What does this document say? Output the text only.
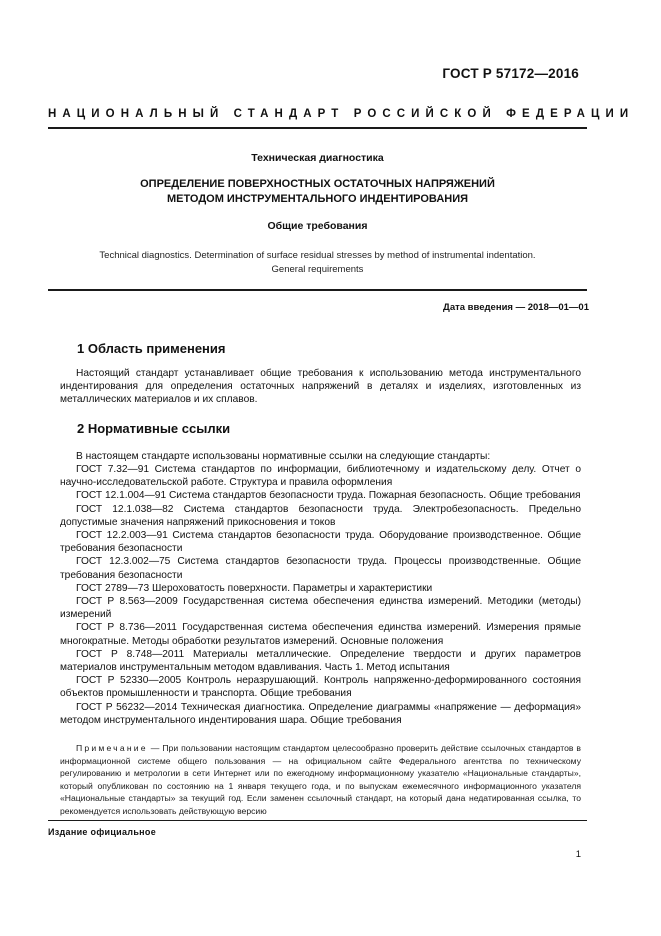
ГОСТ Р 57172—2016
НАЦИОНАЛЬНЫЙ СТАНДАРТ РОССИЙСКОЙ ФЕДЕРАЦИИ
Техническая диагностика
ОПРЕДЕЛЕНИЕ ПОВЕРХНОСТНЫХ ОСТАТОЧНЫХ НАПРЯЖЕНИЙ
МЕТОДОМ ИНСТРУМЕНТАЛЬНОГО ИНДЕНТИРОВАНИЯ
Общие требования
Technical diagnostics. Determination of surface residual stresses by method of instrumental indentation.
General requirements
Дата введения — 2018—01—01
1 Область применения
Настоящий стандарт устанавливает общие требования к использованию метода инструментального индентирования для определения остаточных напряжений в деталях и изделиях, изготовленных из металлических материалов и их сплавов.
2 Нормативные ссылки
В настоящем стандарте использованы нормативные ссылки на следующие стандарты:

ГОСТ 7.32—91 Система стандартов по информации, библиотечному и издательскому делу. Отчет о научно-исследовательской работе. Структура и правила оформления

ГОСТ 12.1.004—91 Система стандартов безопасности труда. Пожарная безопасность. Общие требования

ГОСТ 12.1.038—82 Система стандартов безопасности труда. Электробезопасность. Предельно допустимые значения напряжений прикосновения и токов

ГОСТ 12.2.003—91 Система стандартов безопасности труда. Оборудование производственное. Общие требования безопасности

ГОСТ 12.3.002—75 Система стандартов безопасности труда. Процессы производственные. Общие требования безопасности

ГОСТ 2789—73 Шероховатость поверхности. Параметры и характеристики

ГОСТ Р 8.563—2009 Государственная система обеспечения единства измерений. Методики (методы) измерений

ГОСТ Р 8.736—2011 Государственная система обеспечения единства измерений. Измерения прямые многократные. Методы обработки результатов измерений. Основные положения

ГОСТ Р 8.748—2011 Материалы металлические. Определение твердости и других параметров материалов инструментальным методом вдавливания. Часть 1. Метод испытания

ГОСТ Р 52330—2005 Контроль неразрушающий. Контроль напряженно-деформированного состояния объектов промышленности и транспорта. Общие требования

ГОСТ Р 56232—2014 Техническая диагностика. Определение диаграммы «напряжение — деформация» методом инструментального индентирования шара. Общие требования

Примечание — При пользовании настоящим стандартом целесообразно проверить действие ссылочных стандартов в информационной системе общего пользования — на официальном сайте Федерального агентства по техническому регулированию и метрологии в сети Интернет или по ежегодному информационному указателю «Национальные стандарты», который опубликован по состоянию на 1 января текущего года, и по выпускам ежемесячного информационного указателя «Национальные стандарты» за текущий год. Если заменен ссылочный стандарт, на который дана недатированная ссылка, то рекомендуется использовать действующую версию
Издание официальное
1
